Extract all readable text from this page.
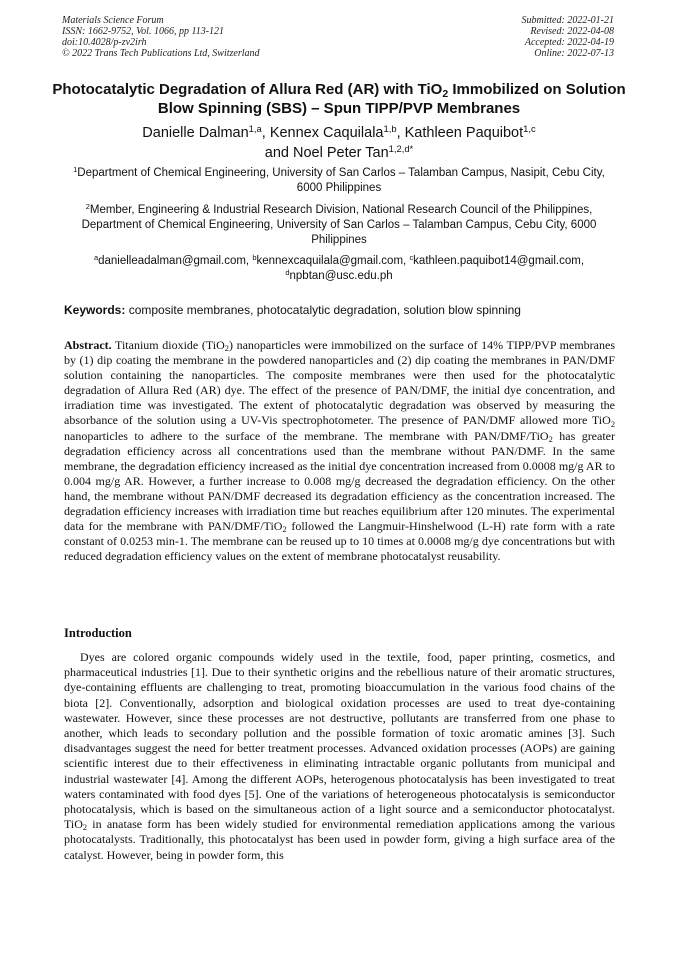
Materials Science Forum
ISSN: 1662-9752, Vol. 1066, pp 113-121
doi:10.4028/p-zv2irh
© 2022 Trans Tech Publications Ltd, Switzerland
Submitted: 2022-01-21
Revised: 2022-04-08
Accepted: 2022-04-19
Online: 2022-07-13
Photocatalytic Degradation of Allura Red (AR) with TiO$_2$ Immobilized on Solution Blow Spinning (SBS) – Spun TIPP/PVP Membranes
Danielle Dalman$^{1,a}$, Kennex Caquilala$^{1,b}$, Kathleen Paquibot$^{1,c}$
and Noel Peter Tan$^{1,2,d*}$
$^1$Department of Chemical Engineering, University of San Carlos – Talamban Campus, Nasipit, Cebu City, 6000 Philippines
$^2$Member, Engineering & Industrial Research Division, National Research Council of the Philippines, Department of Chemical Engineering, University of San Carlos – Talamban Campus, Cebu City, 6000 Philippines
$^a$danielleadalman@gmail.com, $^b$kennexcaquilala@gmail.com, $^c$kathleen.paquibot14@gmail.com,
$^d$npbtan@usc.edu.ph
Keywords: composite membranes, photocatalytic degradation, solution blow spinning
Abstract. Titanium dioxide (TiO$_2$) nanoparticles were immobilized on the surface of 14% TIPP/PVP membranes by (1) dip coating the membrane in the powdered nanoparticles and (2) dip coating the membranes in PAN/DMF solution containing the nanoparticles. The composite membranes were then used for the photocatalytic degradation of Allura Red (AR) dye. The effect of the presence of PAN/DMF, the initial dye concentration, and irradiation time was investigated. The extent of photocatalytic degradation was observed by measuring the absorbance of the solution using a UV-Vis spectrophotometer. The presence of PAN/DMF allowed more TiO$_2$ nanoparticles to adhere to the surface of the membrane. The membrane with PAN/DMF/TiO$_2$ has greater degradation efficiency across all concentrations used than the membrane without PAN/DMF. In the same membrane, the degradation efficiency increased as the initial dye concentration increased from 0.0008 mg/g AR to 0.004 mg/g AR. However, a further increase to 0.008 mg/g decreased the degradation efficiency. On the other hand, the membrane without PAN/DMF decreased its degradation efficiency as the concentration increased. The degradation efficiency increases with irradiation time but reaches equilibrium after 120 minutes. The experimental data for the membrane with PAN/DMF/TiO$_2$ followed the Langmuir-Hinshelwood (L-H) rate form with a rate constant of 0.0253 min-1. The membrane can be reused up to 10 times at 0.0008 mg/g dye concentrations but with reduced degradation efficiency values on the extent of membrane photocatalyst reusability.
Introduction

Dyes are colored organic compounds widely used in the textile, food, paper printing, cosmetics, and pharmaceutical industries [1]. Due to their synthetic origins and the rebellious nature of their aromatic structures, dye-containing effluents are challenging to treat, promoting bioaccumulation in the various food chains of the biota [2]. Conventionally, adsorption and biological oxidation processes are used to treat dye-containing wastewater. However, since these processes are not destructive, pollutants are transferred from one phase to another, which leads to secondary pollution and the possible formation of toxic aromatic amines [3]. Such disadvantages suggest the need for better treatment processes. Advanced oxidation processes (AOPs) are gaining scientific interest due to their effectiveness in eliminating intractable organic pollutants from municipal and industrial wastewater [4]. Among the different AOPs, heterogenous photocatalysis has been investigated to treat waters contaminated with food dyes [5]. One of the variations of heterogeneous photocatalysis is semiconductor photocatalysis, which is based on the simultaneous action of a light source and a semiconductor photocatalyst. TiO$_2$ in anatase form has been widely studied for environmental remediation applications among the various photocatalysts. Traditionally, this photocatalyst has been used in powder form, giving a high surface area of the catalyst. However, being in powder form, this
